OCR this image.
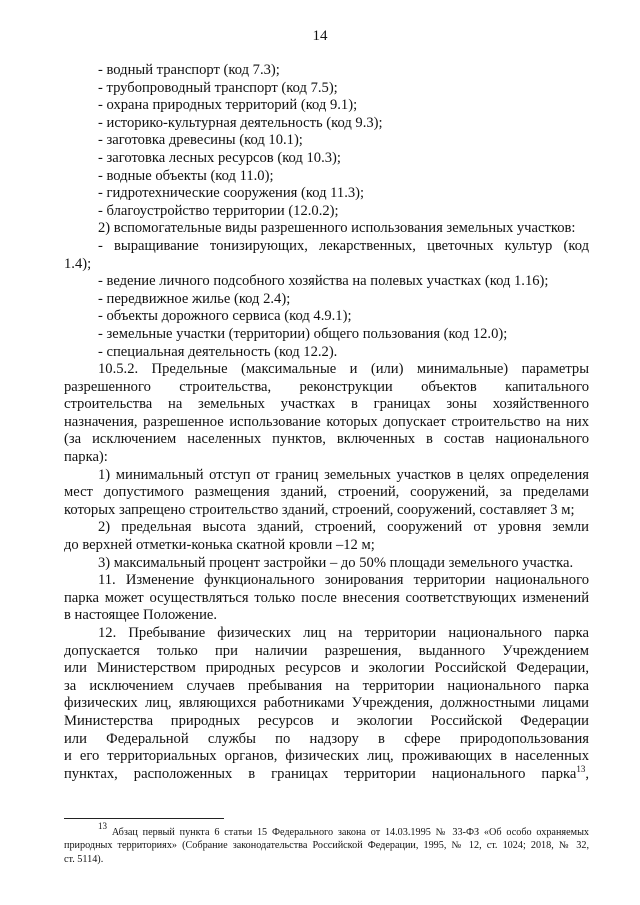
14
- водный транспорт (код 7.3);
- трубопроводный транспорт (код 7.5);
- охрана природных территорий (код 9.1);
- историко-культурная деятельность (код 9.3);
- заготовка древесины (код 10.1);
- заготовка лесных ресурсов (код 10.3);
- водные объекты (код 11.0);
- гидротехнические сооружения (код 11.3);
- благоустройство территории (12.0.2);
2) вспомогательные виды разрешенного использования земельных участков:
- выращивание тонизирующих, лекарственных, цветочных культур (код
1.4);
- ведение личного подсобного хозяйства на полевых участках (код 1.16);
- передвижное жилье (код 2.4);
- объекты дорожного сервиса (код 4.9.1);
- земельные участки (территории) общего пользования (код 12.0);
- специальная деятельность (код 12.2).
10.5.2. Предельные (максимальные и (или) минимальные) параметры
разрешенного строительства, реконструкции объектов капитального
строительства на земельных участках в границах зоны хозяйственного
назначения, разрешенное использование которых допускает строительство на них
(за исключением населенных пунктов, включенных в состав национального
парка):
1) минимальный отступ от границ земельных участков в целях определения
мест допустимого размещения зданий, строений, сооружений, за пределами
которых запрещено строительство зданий, строений, сооружений, составляет 3 м;
2) предельная высота зданий, строений, сооружений от уровня земли
до верхней отметки-конька скатной кровли –12 м;
3) максимальный процент застройки – до 50% площади земельного участка.
11. Изменение функционального зонирования территории национального
парка может осуществляться только после внесения соответствующих изменений
в настоящее Положение.
12. Пребывание физических лиц на территории национального парка
допускается только при наличии разрешения, выданного Учреждением
или Министерством природных ресурсов и экологии Российской Федерации,
за исключением случаев пребывания на территории национального парка
физических лиц, являющихся работниками Учреждения, должностными лицами
Министерства природных ресурсов и экологии Российской Федерации
или Федеральной службы по надзору в сфере природопользования
и его территориальных органов, физических лиц, проживающих в населенных
пунктах, расположенных в границах территории национального парка$^{13}$,
13 Абзац первый пункта 6 статьи 15 Федерального закона от 14.03.1995 № 33-ФЗ «Об особо охраняемых
природных территориях» (Собрание законодательства Российской Федерации, 1995, № 12, ст. 1024; 2018, № 32,
ст. 5114).
